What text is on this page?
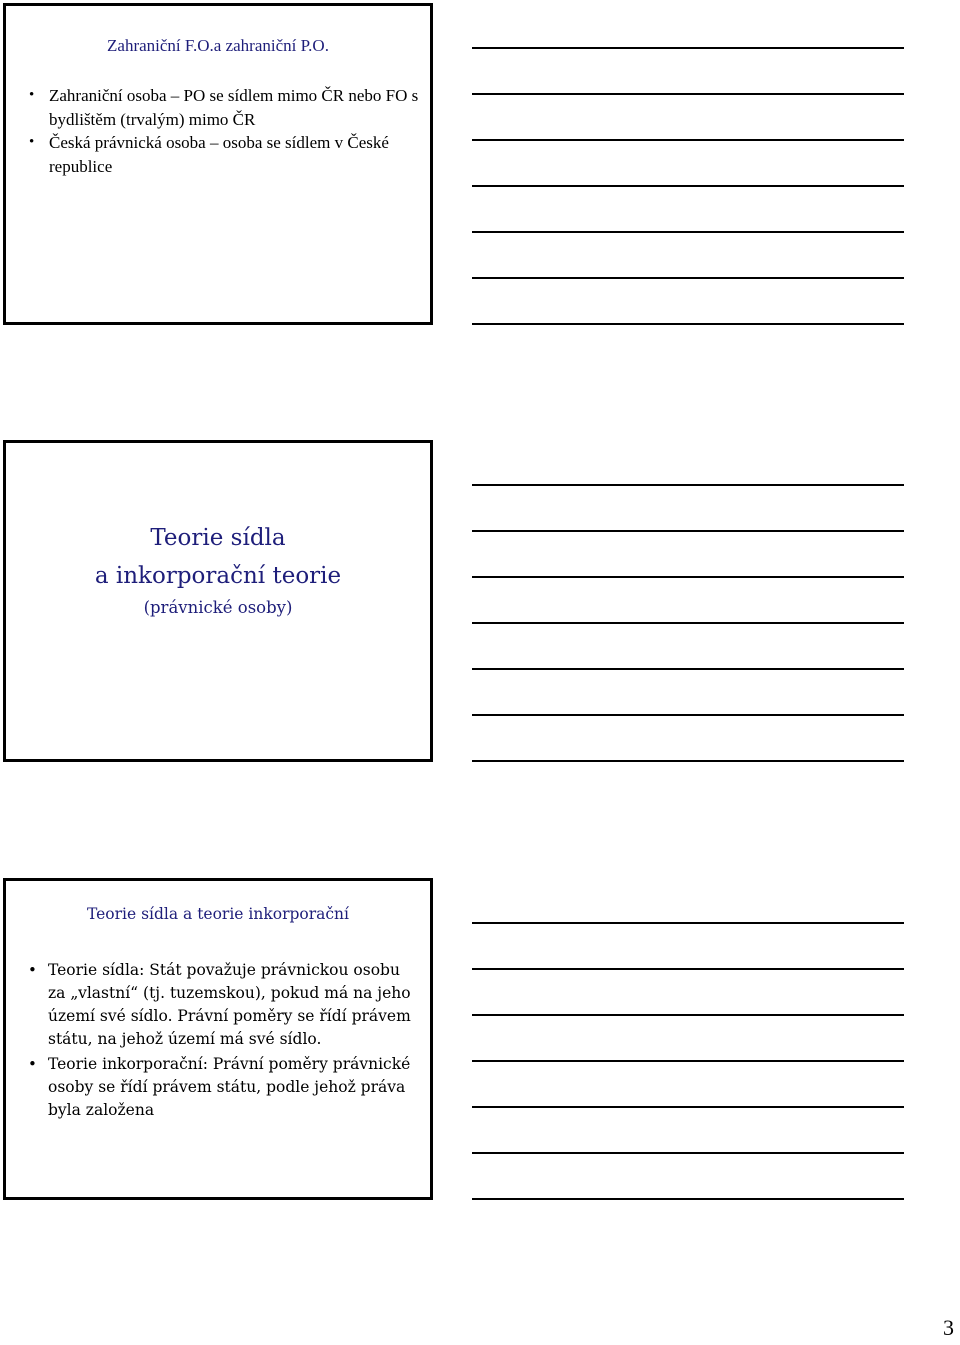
Zahraniční F.O.a zahraniční P.O.
• Zahraniční osoba – PO se sídlem mimo ČR nebo FO s bydlištěm (trvalým) mimo ČR
• Česká právnická osoba – osoba se sídlem v České republice
Teorie sídla
a inkorporační teorie
(právnické osoby)
Teorie sídla a teorie inkorporační
• Teorie sídla: Stát považuje právnickou osobu za „vlastní“ (tj. tuzemskou), pokud má na jeho území své sídlo. Právní poměry se řídí právem státu, na jehož území má své sídlo.
• Teorie inkorporační: Právní poměry právnické osoby se řídí právem státu, podle jehož práva byla založena
3
